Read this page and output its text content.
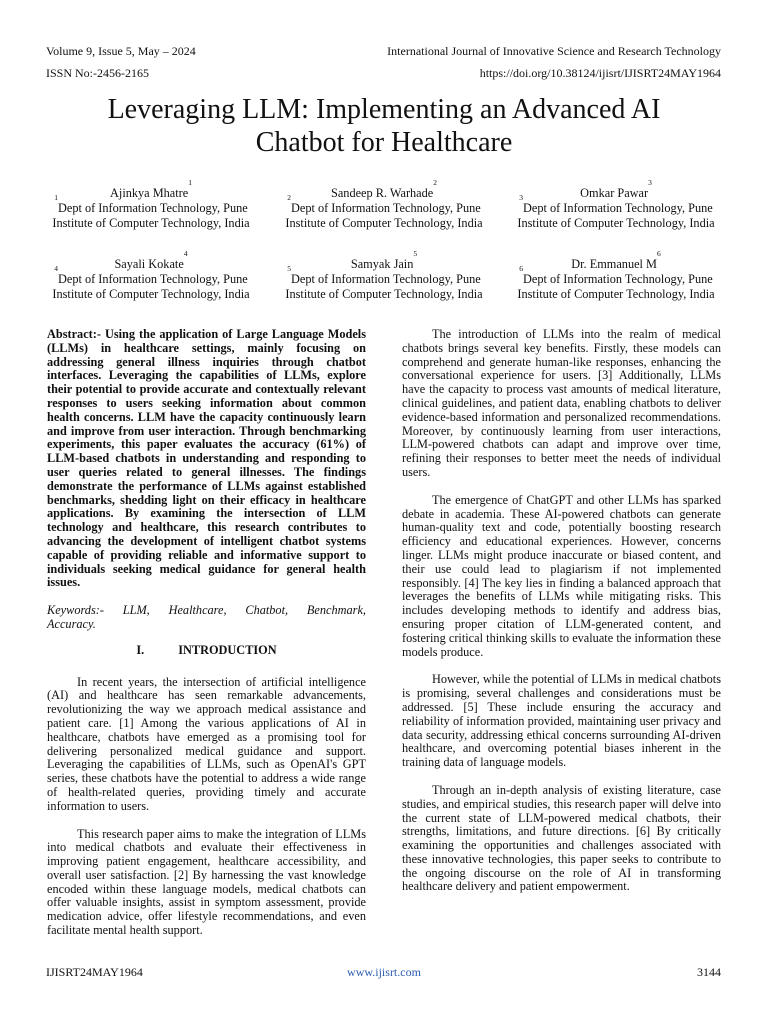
Volume 9, Issue 5, May – 2024
ISSN No:-2456-2165
International Journal of Innovative Science and Research Technology
https://doi.org/10.38124/ijisrt/IJISRT24MAY1964
Leveraging LLM: Implementing an Advanced AI
Chatbot for Healthcare
Ajinkya Mhatre$^1$
$^1$Dept of Information Technology, Pune
Institute of Computer Technology, India
Sandeep R. Warhade$^2$
$^2$Dept of Information Technology, Pune
Institute of Computer Technology, India
Omkar Pawar$^3$
$^3$Dept of Information Technology, Pune
Institute of Computer Technology, India
Sayali Kokate$^4$
$^4$Dept of Information Technology, Pune
Institute of Computer Technology, India
Samyak Jain$^5$
$^5$Dept of Information Technology, Pune
Institute of Computer Technology, India
Dr. Emmanuel $M^6$
$^6$Dept of Information Technology, Pune
Institute of Computer Technology, India

Abstract:- Using the application of Large Language Models (LLMs) in healthcare settings, mainly focusing on addressing general illness inquiries through chatbot interfaces. Leveraging the capabilities of LLMs, explore their potential to provide accurate and contextually relevant responses to users seeking information about common health concerns. LLM have the capacity continuously learn and improve from user interaction. Through benchmarking experiments, this paper evaluates the accuracy (61%) of LLM-based chatbots in understanding and responding to user queries related to general illnesses. The findings demonstrate the performance of LLMs against established benchmarks, shedding light on their efficacy in healthcare applications. By examining the intersection of LLM technology and healthcare, this research contributes to advancing the development of intelligent chatbot systems capable of providing reliable and informative support to individuals seeking medical guidance for general health issues.

Keywords:- LLM, Healthcare, Chatbot, Benchmark, Accuracy.

I.	INTRODUCTION

In recent years, the intersection of artificial intelligence (AI) and healthcare has seen remarkable advancements, revolutionizing the way we approach medical assistance and patient care. [1] Among the various applications of AI in healthcare, chatbots have emerged as a promising tool for delivering personalized medical guidance and support. Leveraging the capabilities of LLMs, such as OpenAI's GPT series, these chatbots have the potential to address a wide range of health-related queries, providing timely and accurate information to users.

This research paper aims to make the integration of LLMs into medical chatbots and evaluate their effectiveness in improving patient engagement, healthcare accessibility, and overall user satisfaction. [2] By harnessing the vast knowledge encoded within these language models, medical chatbots can offer valuable insights, assist in symptom assessment, provide medication advice, offer lifestyle recommendations, and even facilitate mental health support.

The introduction of LLMs into the realm of medical chatbots brings several key benefits. Firstly, these models can comprehend and generate human-like responses, enhancing the conversational experience for users. [3] Additionally, LLMs have the capacity to process vast amounts of medical literature, clinical guidelines, and patient data, enabling chatbots to deliver evidence-based information and personalized recommendations. Moreover, by continuously learning from user interactions, LLM-powered chatbots can adapt and improve over time, refining their responses to better meet the needs of individual users.

The emergence of ChatGPT and other LLMs has sparked debate in academia. These AI-powered chatbots can generate human-quality text and code, potentially boosting research efficiency and educational experiences. However, concerns linger. LLMs might produce inaccurate or biased content, and their use could lead to plagiarism if not implemented responsibly. [4] The key lies in finding a balanced approach that leverages the benefits of LLMs while mitigating risks. This includes developing methods to identify and address bias, ensuring proper citation of LLM-generated content, and fostering critical thinking skills to evaluate the information these models produce.

However, while the potential of LLMs in medical chatbots is promising, several challenges and considerations must be addressed. [5] These include ensuring the accuracy and reliability of information provided, maintaining user privacy and data security, addressing ethical concerns surrounding AI-driven healthcare, and overcoming potential biases inherent in the training data of language models.

Through an in-depth analysis of existing literature, case studies, and empirical studies, this research paper will delve into the current state of LLM-powered medical chatbots, their strengths, limitations, and future directions. [6] By critically examining the opportunities and challenges associated with these innovative technologies, this paper seeks to contribute to the ongoing discourse on the role of AI in transforming healthcare delivery and patient empowerment.

IJISRT24MAY1964	www.ijisrt.com	3144
